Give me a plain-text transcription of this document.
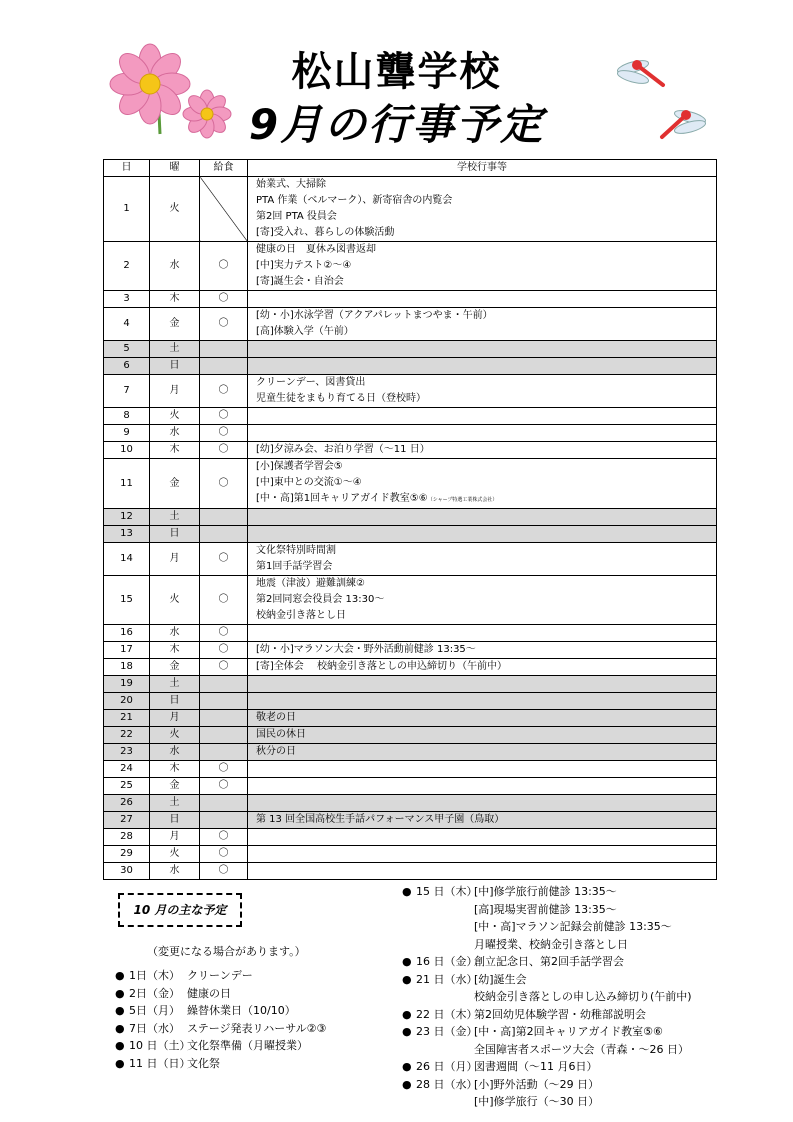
松山聾学校
9月の行事予定
日	曜	給食	学校行事等
1	火		始業式、大掃除
PTA 作業（ベルマーク）、新寄宿舎の内覧会
第2回 PTA 役員会
[寄]受入れ、暮らしの体験活動

2	水	〇	健康の日　夏休み図書返却
[中]実力テスト②～④
[寄]誕生会・自治会

3	木	〇	
4	金	〇	[幼・小]水泳学習（アクアパレットまつやま・午前）
[高]体験入学（午前）

5	土		
6	日		
7	月	〇	クリーンデー、図書貸出
児童生徒をまもり育てる日（登校時）

8	火	〇	
9	水	〇	
10	木	〇	[幼]夕涼み会、お泊り学習（～11 日）

11	金	〇	[小]保護者学習会⑤
[中]東中との交流①～④
[中・高]第1回キャリアガイド教室⑤⑥（シャープ特選工業株式会社）

12	土		
13	日		
14	月	〇	文化祭特別時間割
第1回手話学習会

15	火	〇	地震（津波）避難訓練②
第2回同窓会役員会 13:30～
校納金引き落とし日

16	水	〇	
17	木	〇	[幼・小]マラソン大会・野外活動前健診 13:35～

18	金	〇	[寄]全体会　 校納金引き落としの申込締切り（午前中）

19	土		
20	日		
21	月		敬老の日

22	火		国民の休日

23	水		秋分の日

24	木	〇	
25	金	〇	
26	土		
27	日		第 13 回全国高校生手話パフォーマンス甲子園（鳥取）

28	月	〇	
29	火	〇	
30	水	〇	
10 月の主な予定
（変更になる場合があります。）
● 1日（木） クリーンデー
● 2日（金） 健康の日
● 5日（月） 繰替休業日（10/10）
● 7日（水） ステージ発表リハーサル②③
● 10 日（土）文化祭準備（月曜授業）
● 11 日（日）文化祭
● 15 日（木）[中]修学旅行前健診 13:35～
[高]現場実習前健診 13:35～
[中・高]マラソン記録会前健診 13:35～
月曜授業、校納金引き落とし日
● 16 日（金）創立記念日、第2回手話学習会
● 21 日（水）[幼]誕生会
校納金引き落としの申し込み締切り(午前中)
● 22 日（木）第2回幼児体験学習・幼稚部説明会
● 23 日（金）[中・高]第2回キャリアガイド教室⑤⑥
全国障害者スポーツ大会（青森・～26 日）
● 26 日（月）図書週間（～11 月6日）
● 28 日（水）[小]野外活動（～29 日）
[中]修学旅行（～30 日）
